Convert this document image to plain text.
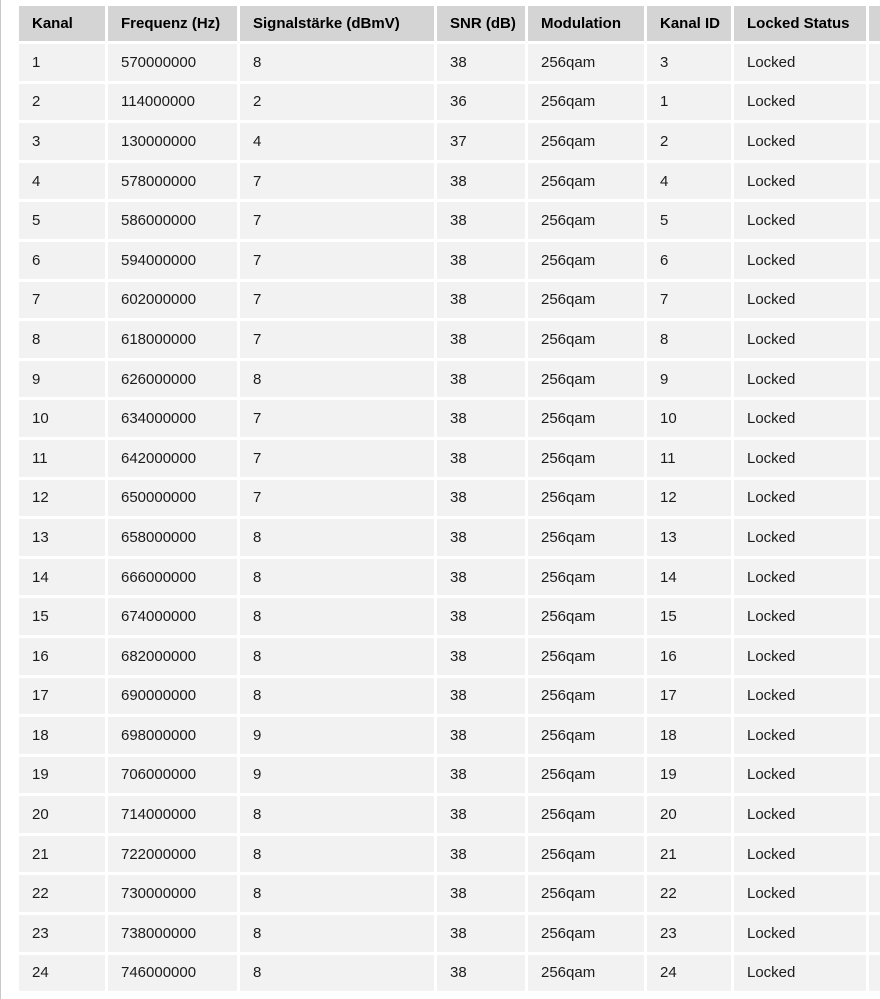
Kanal	Frequenz (Hz)	Signalstärke (dBmV)	SNR (dB)	Modulation	Kanal ID	Locked Status	
1	570000000	8	38	256qam	3	Locked	
2	114000000	2	36	256qam	1	Locked	
3	130000000	4	37	256qam	2	Locked	
4	578000000	7	38	256qam	4	Locked	
5	586000000	7	38	256qam	5	Locked	
6	594000000	7	38	256qam	6	Locked	
7	602000000	7	38	256qam	7	Locked	
8	618000000	7	38	256qam	8	Locked	
9	626000000	8	38	256qam	9	Locked	
10	634000000	7	38	256qam	10	Locked	
11	642000000	7	38	256qam	11	Locked	
12	650000000	7	38	256qam	12	Locked	
13	658000000	8	38	256qam	13	Locked	
14	666000000	8	38	256qam	14	Locked	
15	674000000	8	38	256qam	15	Locked	
16	682000000	8	38	256qam	16	Locked	
17	690000000	8	38	256qam	17	Locked	
18	698000000	9	38	256qam	18	Locked	
19	706000000	9	38	256qam	19	Locked	
20	714000000	8	38	256qam	20	Locked	
21	722000000	8	38	256qam	21	Locked	
22	730000000	8	38	256qam	22	Locked	
23	738000000	8	38	256qam	23	Locked	
24	746000000	8	38	256qam	24	Locked	
